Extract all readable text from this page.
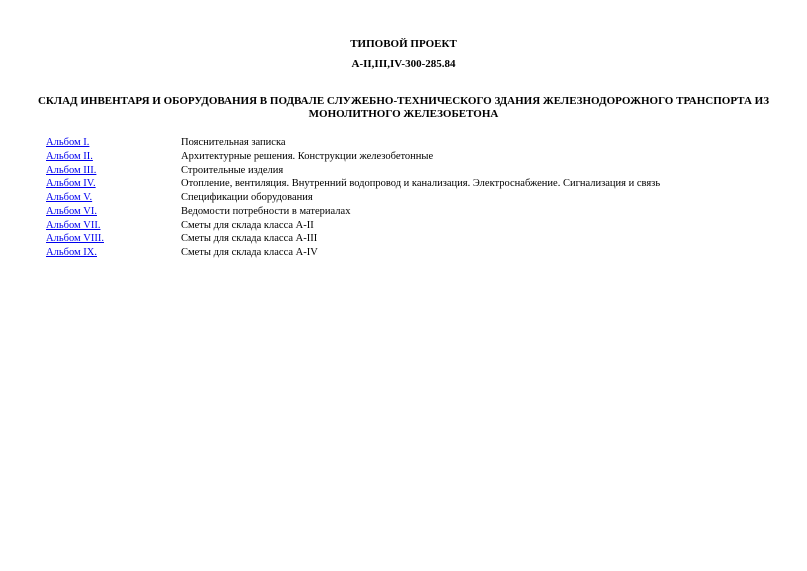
ТИПОВОЙ ПРОЕКТ
А-II,III,IV-300-285.84
СКЛАД ИНВЕНТАРЯ И ОБОРУДОВАНИЯ В ПОДВАЛЕ СЛУЖЕБНО-ТЕХНИЧЕСКОГО ЗДАНИЯ ЖЕЛЕЗНОДОРОЖНОГО ТРАНСПОРТА ИЗ МОНОЛИТНОГО ЖЕЛЕЗОБЕТОНА
Альбом I.	Пояснительная записка
Альбом II.	Архитектурные решения. Конструкции железобетонные
Альбом III.	Строительные изделия
Альбом IV.	Отопление, вентиляция. Внутренний водопровод и канализация. Электроснабжение. Сигнализация и связь
Альбом V.	Спецификации оборудования
Альбом VI.	Ведомости потребности в материалах
Альбом VII.	Сметы для склада класса А-II
Альбом VIII.	Сметы для склада класса А-III
Альбом IX.	Сметы для склада класса А-IV
